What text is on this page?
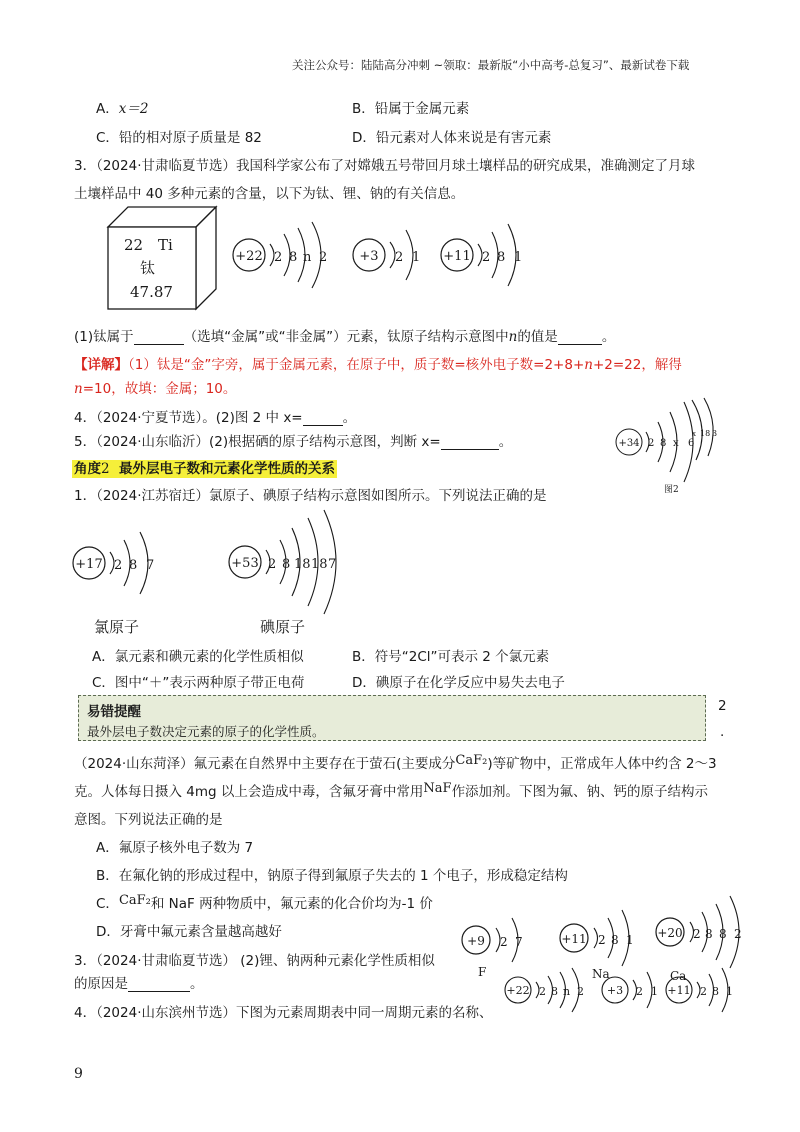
关注公众号：陆陆高分冲刺 ~领取：最新版“小中高考-总复习”、最新试卷下载
A．x＝2	B．铅属于金属元素
C．铅的相对原子质量是 82	D．铅元素对人体来说是有害元素
3．（2024·甘肃临夏节选）我国科学家公布了对嫦娥五号带回月球土壤样品的研究成果，准确测定了月球
土壤样品中 40 多种元素的含量，以下为钛、锂、钠的有关信息。
22 Ti
钛
47.87
+22 2 8 n 2 +3 2 1 +11 2 8 1
(1)钛属于	（选填“金属”或“非金属”）元素，钛原子结构示意图中n的值是	。
【详解】（1）钛是“金”字旁，属于金属元素，在原子中，质子数=核外电子数=2+8+n+2=22，解得
n=10，故填：金属；10。
4．（2024·宁夏节选）。(2)图 2 中 x=	。
5．（2024·山东临沂）(2)根据硒的原子结构示意图，判断 x=	。	+34 2 8 x 6
x 18 3
图2
角度2 最外层电子数和元素化学性质的关系
1．（2024·江苏宿迁）氯原子、碘原子结构示意图如图所示。下列说法正确的是
+17 2 8 7
氯原子
+53 2 8 18 18 7
碘原子
A．氯元素和碘元素的化学性质相似	B．符号“2Cl”可表示 2 个氯元素
C．图中“＋”表示两种原子带正电荷	D．碘原子在化学反应中易失去电子
易错提醒
最外层电子数决定元素的原子的化学性质。
2
.
（2024·山东菏泽）氟元素在自然界中主要存在于萤石(主要成分CaF₂)等矿物中，正常成年人体中约含 2～3
克。人体每日摄入 4mg 以上会造成中毒，含氟牙膏中常用NaF作添加剂。下图为氟、钠、钙的原子结构示
意图。下列说法正确的是
A．氟原子核外电子数为 7
B．在氟化钠的形成过程中，钠原子得到氟原子失去的 1 个电子，形成稳定结构
C．CaF₂和 NaF 两种物质中，氟元素的化合价均为-1 价
D．牙膏中氟元素含量越高越好
+9 2 7
F
+11 2 8 1
Na
+20 2 8 8 2
Ca
3．（2024·甘肃临夏节选） (2)锂、钠两种元素化学性质相似
的原因是	。	+22 2 8 n 2 +3 2 1 +11 2 8 1
4．（2024·山东滨州节选）下图为元素周期表中同一周期元素的名称、
9
